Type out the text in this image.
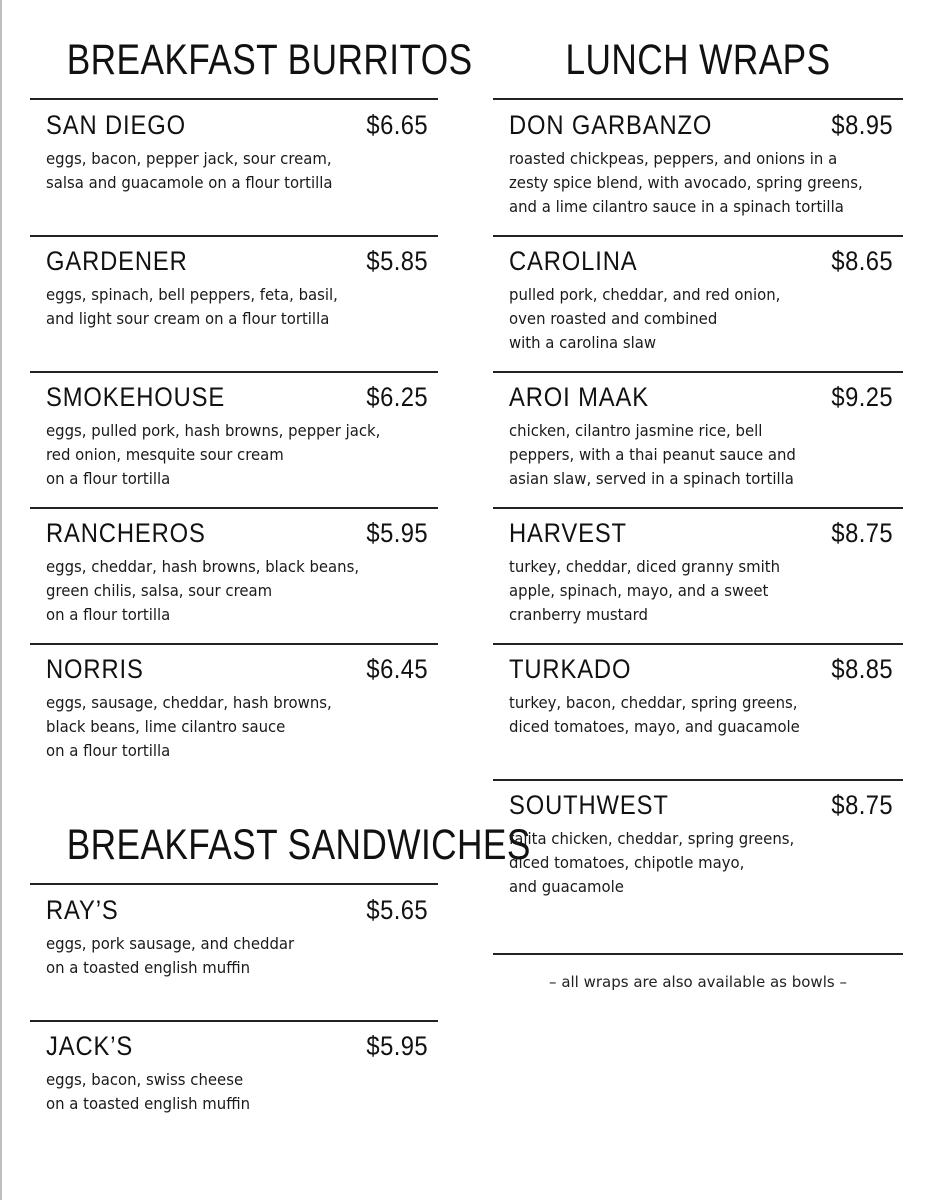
BREAKFAST BURRITOS
SAN DIEGO	$6.65
eggs, bacon, pepper jack, sour cream,
salsa and guacamole on a flour tortilla
GARDENER	$5.85
eggs, spinach, bell peppers, feta, basil,
and light sour cream on a flour tortilla
SMOKEHOUSE	$6.25
eggs, pulled pork, hash browns, pepper jack,
red onion, mesquite sour cream
on a flour tortilla
RANCHEROS	$5.95
eggs, cheddar, hash browns, black beans,
green chilis, salsa, sour cream
on a flour tortilla
NORRIS	$6.45
eggs, sausage, cheddar, hash browns,
black beans, lime cilantro sauce
on a flour tortilla
BREAKFAST SANDWICHES
RAY’S	$5.65
eggs, pork sausage, and cheddar
on a toasted english muffin
JACK’S	$5.95
eggs, bacon, swiss cheese
on a toasted english muffin
LUNCH WRAPS
DON GARBANZO	$8.95
roasted chickpeas, peppers, and onions in a
zesty spice blend, with avocado, spring greens,
and a lime cilantro sauce in a spinach tortilla
CAROLINA	$8.65
pulled pork, cheddar, and red onion,
oven roasted and combined
with a carolina slaw
AROI MAAK	$9.25
chicken, cilantro jasmine rice, bell
peppers, with a thai peanut sauce and
asian slaw, served in a spinach tortilla
HARVEST	$8.75
turkey, cheddar, diced granny smith
apple, spinach, mayo, and a sweet
cranberry mustard
TURKADO	$8.85
turkey, bacon, cheddar, spring greens,
diced tomatoes, mayo, and guacamole
SOUTHWEST	$8.75
fajita chicken, cheddar, spring greens,
diced tomatoes, chipotle mayo,
and guacamole
– all wraps are also available as bowls –
